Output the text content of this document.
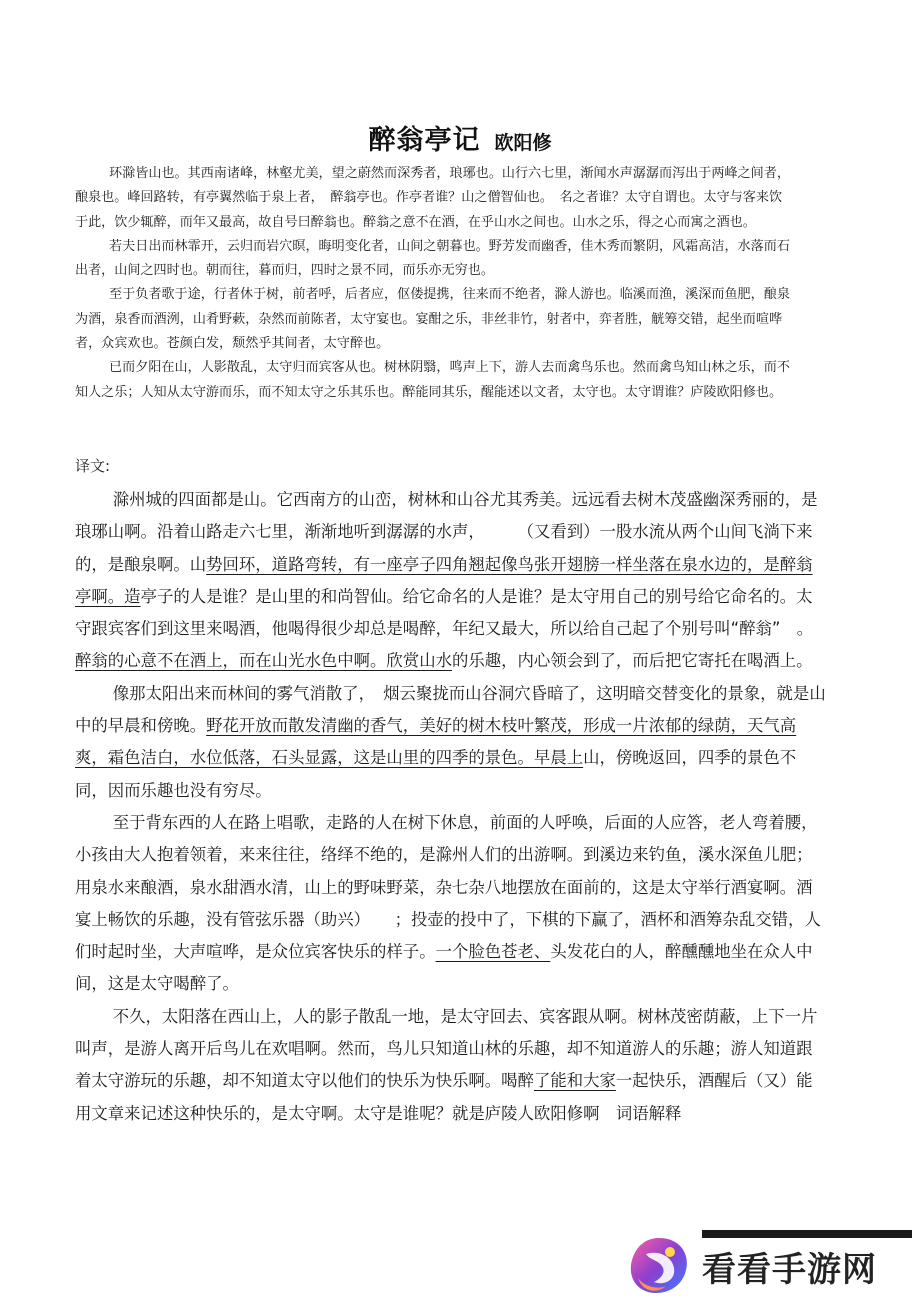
醉翁亭记 欧阳修

环滁皆山也。其西南诸峰，林壑尤美，望之蔚然而深秀者，琅琊也。山行六七里，渐闻水声潺潺而泻出于两峰之间者，酿泉也。峰回路转，有亭翼然临于泉上者，　醉翁亭也。作亭者谁？山之僧智仙也。　名之者谁？太守自谓也。太守与客来饮于此，饮少辄醉，而年又最高，故自号曰醉翁也。醉翁之意不在酒，在乎山水之间也。山水之乐，得之心而寓之酒也。

若夫日出而林霏开，云归而岩穴暝，晦明变化者，山间之朝暮也。野芳发而幽香，佳木秀而繁阴，风霜高洁，水落而石出者，山间之四时也。朝而往，暮而归，四时之景不同，而乐亦无穷也。

至于负者歌于途，行者休于树，前者呼，后者应，伛偻提携，往来而不绝者，滁人游也。临溪而渔，溪深而鱼肥，酿泉为酒，泉香而酒洌，山肴野蔌，杂然而前陈者，太守宴也。宴酣之乐，非丝非竹，射者中，弈者胜，觥筹交错，起坐而喧哗者，众宾欢也。苍颜白发，颓然乎其间者，太守醉也。

已而夕阳在山，人影散乱，太守归而宾客从也。树林阴翳，鸣声上下，游人去而禽鸟乐也。然而禽鸟知山林之乐，而不知人之乐；人知从太守游而乐，而不知太守之乐其乐也。醉能同其乐，醒能述以文者，太守也。太守谓谁？庐陵欧阳修也。

译文:

滁州城的四面都是山。它西南方的山峦，树林和山谷尤其秀美。远远看去树木茂盛幽深秀丽的，是琅琊山啊。沿着山路走六七里，渐渐地听到潺潺的水声，　　　（又看到）一股水流从两个山间飞淌下来的，是酿泉啊。山势回环，道路弯转，有一座亭子四角翘起像鸟张开翅膀一样坐落在泉水边的，是醉翁亭啊。造亭子的人是谁？是山里的和尚智仙。给它命名的人是谁？是太守用自己的别号给它命名的。太守跟宾客们到这里来喝酒，他喝得很少却总是喝醉，年纪又最大，所以给自己起了个别号叫“醉翁”　。醉翁的心意不在酒上，而在山光水色中啊。欣赏山水的乐趣，内心领会到了，而后把它寄托在喝酒上。

像那太阳出来而林间的雾气消散了，　烟云聚拢而山谷洞穴昏暗了，这明暗交替变化的景象，就是山中的早晨和傍晚。野花开放而散发清幽的香气，美好的树木枝叶繁茂，形成一片浓郁的绿荫，天气高爽，霜色洁白，水位低落，石头显露，这是山里的四季的景色。早晨上山，傍晚返回，四季的景色不同，因而乐趣也没有穷尽。

至于背东西的人在路上唱歌，走路的人在树下休息，前面的人呼唤，后面的人应答，老人弯着腰，小孩由大人抱着领着，来来往往，络绎不绝的，是滁州人们的出游啊。到溪边来钓鱼，溪水深鱼儿肥；用泉水来酿酒，泉水甜酒水清，山上的野味野菜，杂七杂八地摆放在面前的，这是太守举行酒宴啊。酒宴上畅饮的乐趣，没有管弦乐器（助兴）　　；投壶的投中了，下棋的下赢了，酒杯和酒筹杂乱交错，人们时起时坐，大声喧哗，是众位宾客快乐的样子。一个脸色苍老、头发花白的人，醉醺醺地坐在众人中间，这是太守喝醉了。

不久，太阳落在西山上，人的影子散乱一地，是太守回去、宾客跟从啊。树林茂密荫蔽，上下一片叫声，是游人离开后鸟儿在欢唱啊。然而，鸟儿只知道山林的乐趣，却不知道游人的乐趣；游人知道跟着太守游玩的乐趣，却不知道太守以他们的快乐为快乐啊。喝醉了能和大家一起快乐，酒醒后（又）能用文章来记述这种快乐的，是太守啊。太守是谁呢？就是庐陵人欧阳修啊　词语解释

看看手游网
